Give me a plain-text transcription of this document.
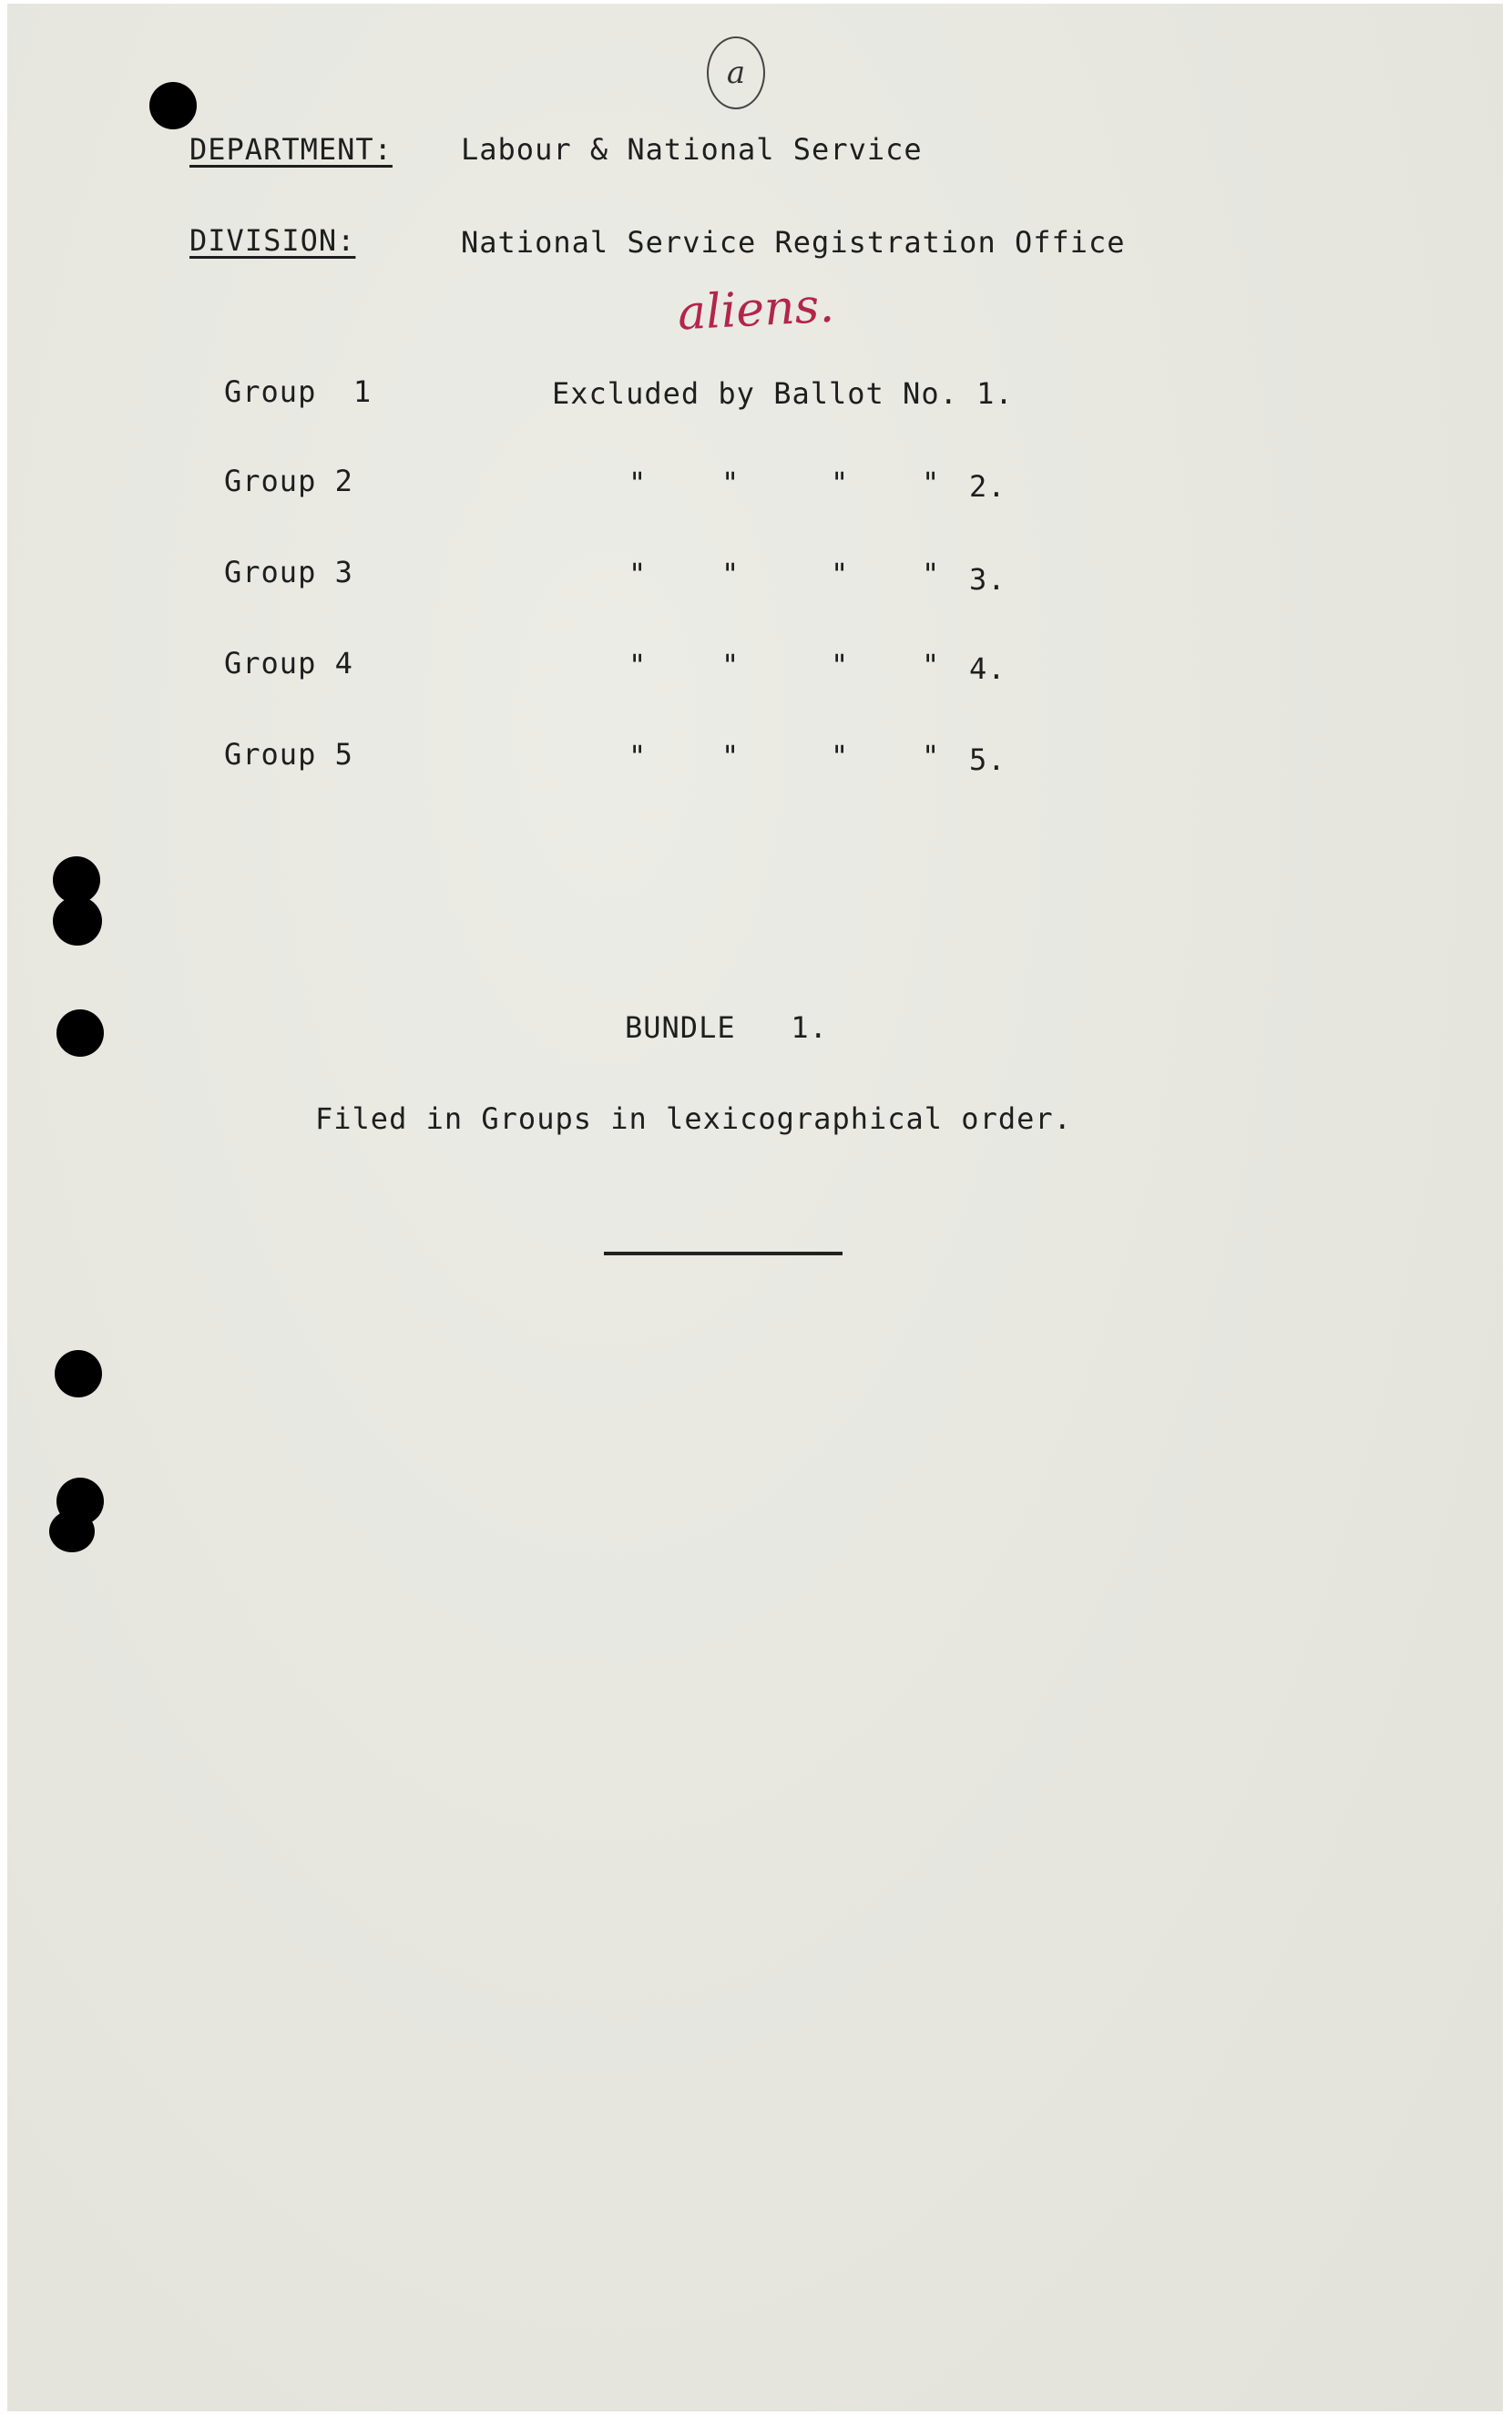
a
DEPARTMENT: Labour & National Service
DIVISION:	National Service Registration Office
aliens.
Group  1	Excluded by Ballot No. 1.
Group 2	"	"	"	" 2.
Group 3	"	"	"	" 3.
Group 4	"	"	"	" 4.
Group 5	"	"	"	" 5.
BUNDLE   1.
Filed in Groups in lexicographical order.
